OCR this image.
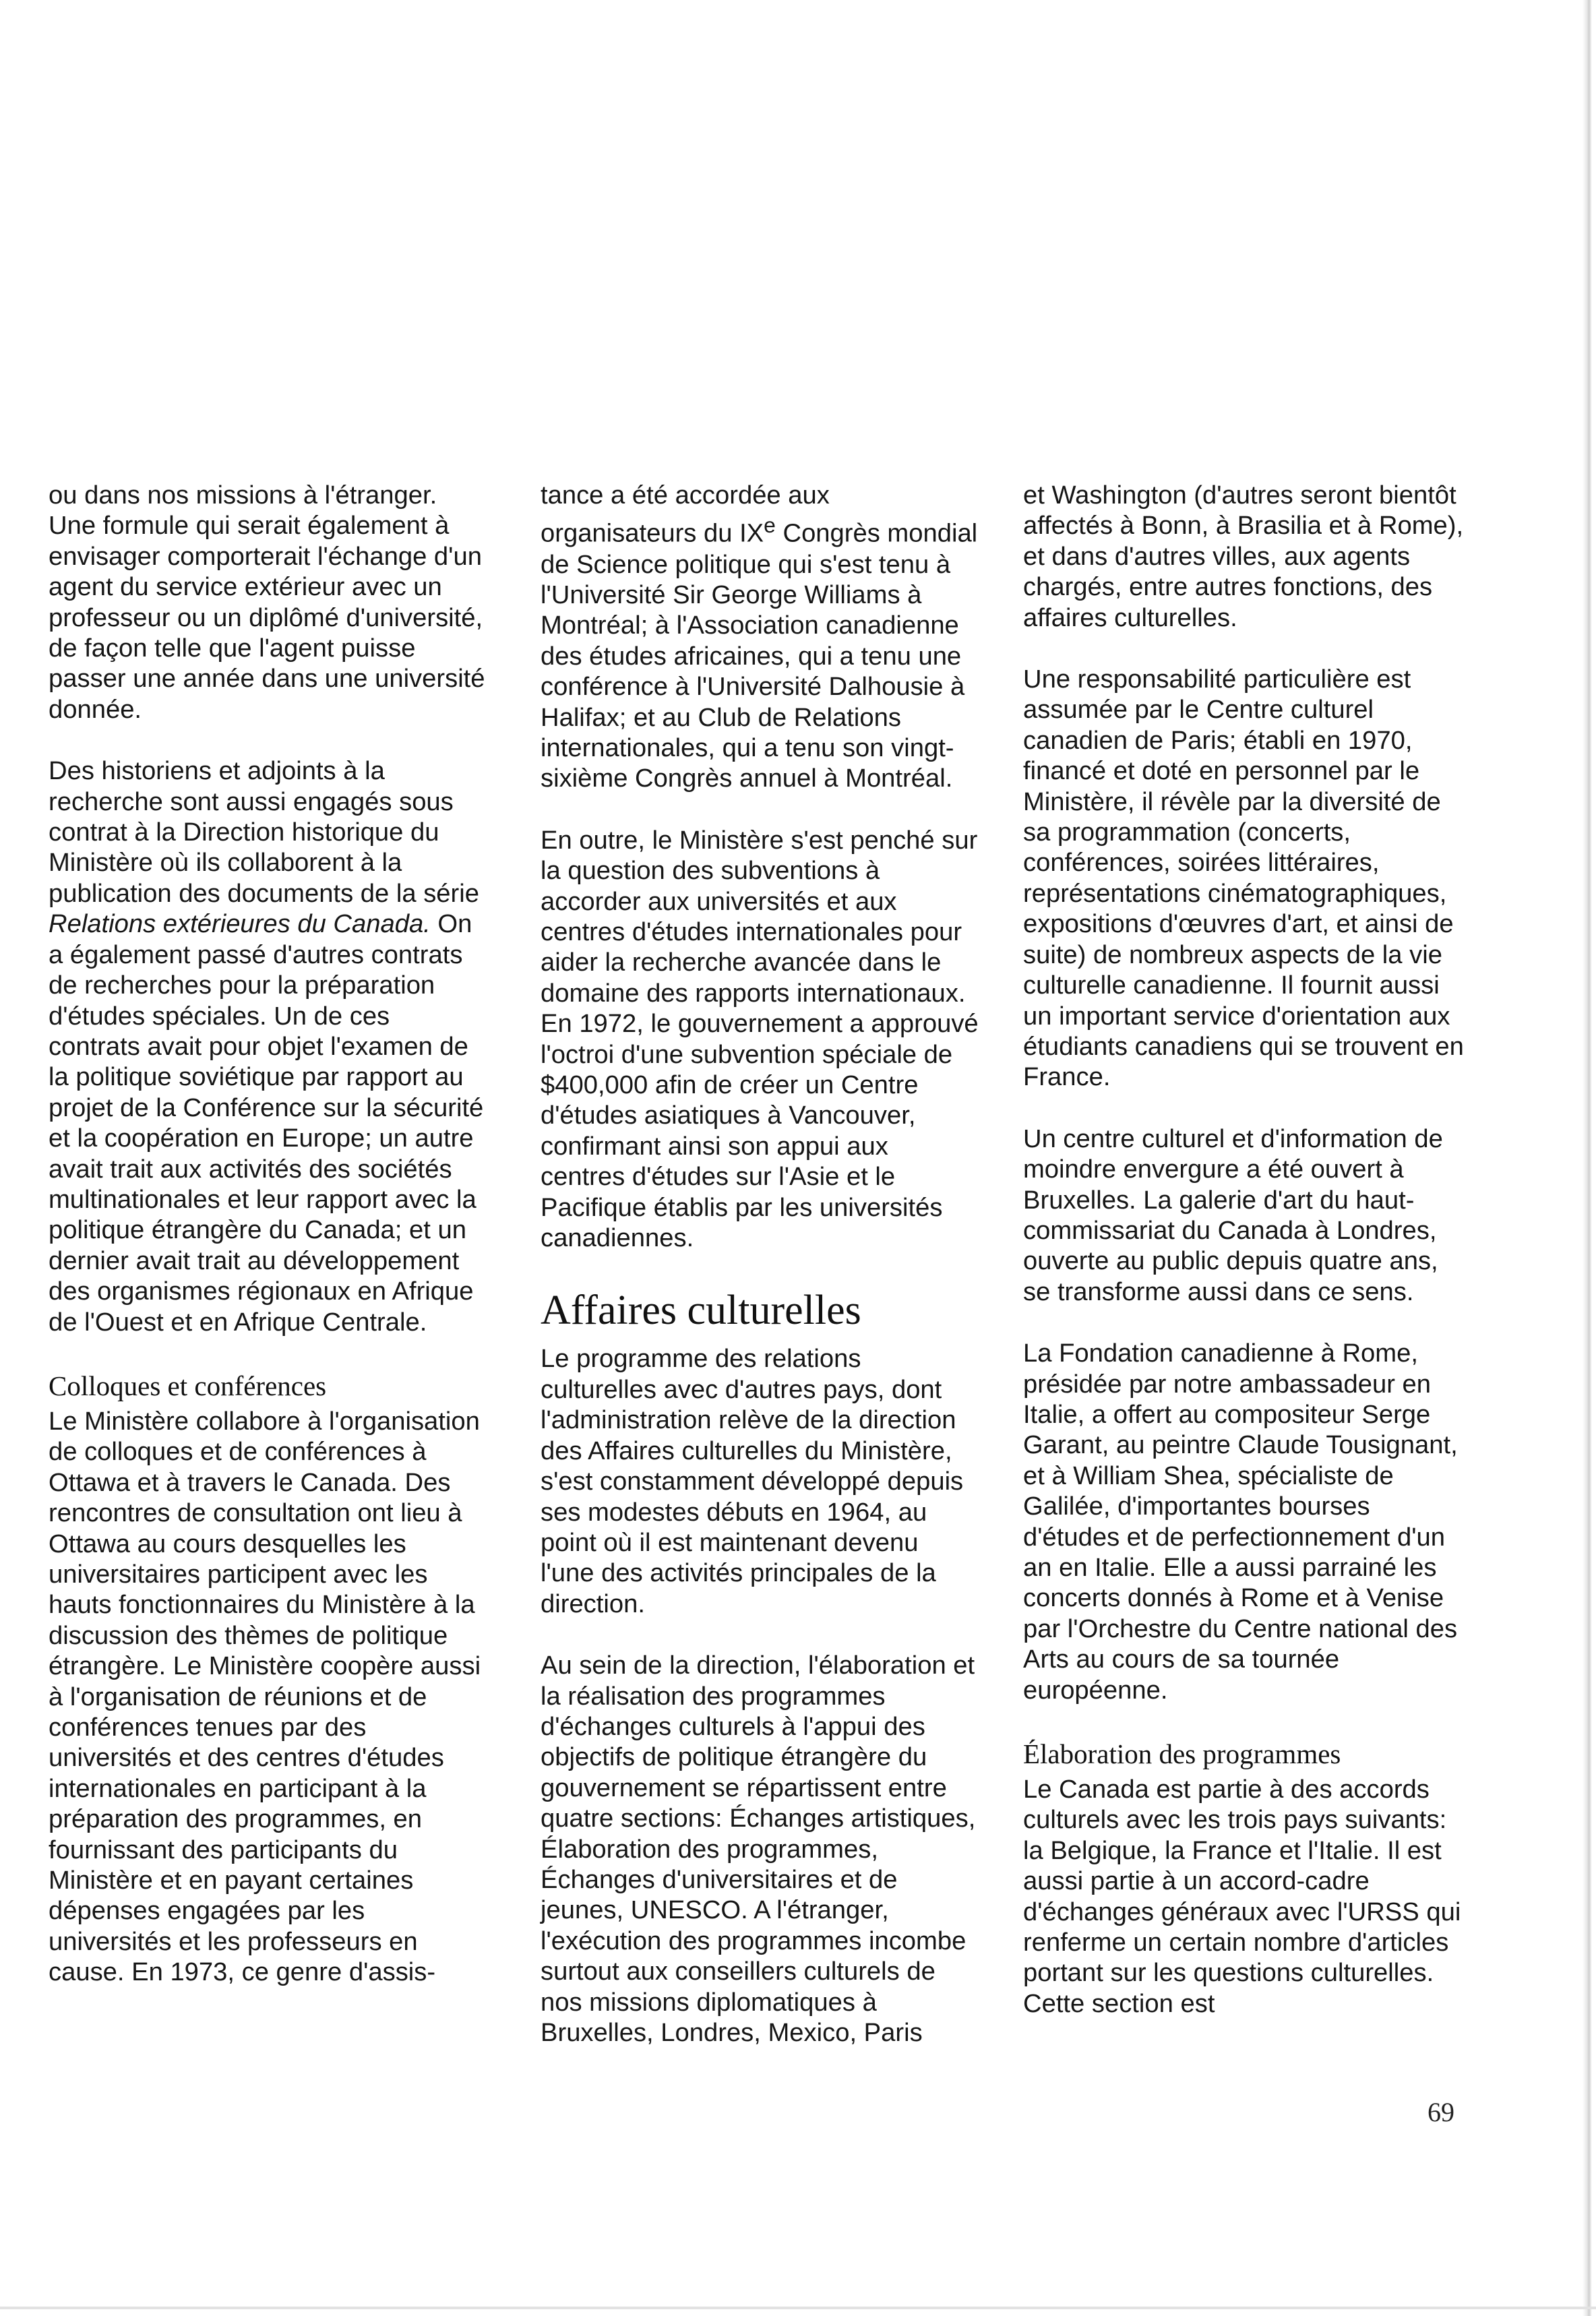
ou dans nos missions à l'étranger. Une formule qui serait également à envisager comporterait l'échange d'un agent du service extérieur avec un professeur ou un diplômé d'université, de façon telle que l'agent puisse passer une année dans une université donnée.

Des historiens et adjoints à la recherche sont aussi engagés sous contrat à la Direction historique du Ministère où ils collaborent à la publication des documents de la série Relations extérieures du Canada. On a également passé d'autres contrats de recherches pour la préparation d'études spéciales. Un de ces contrats avait pour objet l'examen de la politique soviétique par rapport au projet de la Conférence sur la sécurité et la coopération en Europe; un autre avait trait aux activités des sociétés multinationales et leur rapport avec la politique étrangère du Canada; et un dernier avait trait au développement des organismes régionaux en Afrique de l'Ouest et en Afrique Centrale.

Colloques et conférences

Le Ministère collabore à l'organisation de colloques et de conférences à Ottawa et à travers le Canada. Des rencontres de consultation ont lieu à Ottawa au cours desquelles les universitaires participent avec les hauts fonctionnaires du Ministère à la discussion des thèmes de politique étrangère. Le Ministère coopère aussi à l'organisation de réunions et de conférences tenues par des universités et des centres d'études internationales en participant à la préparation des programmes, en fournissant des participants du Ministère et en payant certaines dépenses engagées par les universités et les professeurs en cause. En 1973, ce genre d'assis-

tance a été accordée aux organisateurs du IXe Congrès mondial de Science politique qui s'est tenu à l'Université Sir George Williams à Montréal; à l'Association canadienne des études africaines, qui a tenu une conférence à l'Université Dalhousie à Halifax; et au Club de Relations internationales, qui a tenu son vingt-sixième Congrès annuel à Montréal.

En outre, le Ministère s'est penché sur la question des subventions à accorder aux universités et aux centres d'études internationales pour aider la recherche avancée dans le domaine des rapports internationaux. En 1972, le gouvernement a approuvé l'octroi d'une subvention spéciale de $400,000 afin de créer un Centre d'études asiatiques à Vancouver, confirmant ainsi son appui aux centres d'études sur l'Asie et le Pacifique établis par les universités canadiennes.

Affaires culturelles

Le programme des relations culturelles avec d'autres pays, dont l'administration relève de la direction des Affaires culturelles du Ministère, s'est constamment développé depuis ses modestes débuts en 1964, au point où il est maintenant devenu l'une des activités principales de la direction.

Au sein de la direction, l'élaboration et la réalisation des programmes d'échanges culturels à l'appui des objectifs de politique étrangère du gouvernement se répartissent entre quatre sections: Échanges artistiques, Élaboration des programmes, Échanges d'universitaires et de jeunes, UNESCO. A l'étranger, l'exécution des programmes incombe surtout aux conseillers culturels de nos missions diplomatiques à Bruxelles, Londres, Mexico, Paris

et Washington (d'autres seront bientôt affectés à Bonn, à Brasilia et à Rome), et dans d'autres villes, aux agents chargés, entre autres fonctions, des affaires culturelles.

Une responsabilité particulière est assumée par le Centre culturel canadien de Paris; établi en 1970, financé et doté en personnel par le Ministère, il révèle par la diversité de sa programmation (concerts, conférences, soirées littéraires, représentations cinématographiques, expositions d'œuvres d'art, et ainsi de suite) de nombreux aspects de la vie culturelle canadienne. Il fournit aussi un important service d'orientation aux étudiants canadiens qui se trouvent en France.

Un centre culturel et d'information de moindre envergure a été ouvert à Bruxelles. La galerie d'art du haut-commissariat du Canada à Londres, ouverte au public depuis quatre ans, se transforme aussi dans ce sens.

La Fondation canadienne à Rome, présidée par notre ambassadeur en Italie, a offert au compositeur Serge Garant, au peintre Claude Tousignant, et à William Shea, spécialiste de Galilée, d'importantes bourses d'études et de perfectionnement d'un an en Italie. Elle a aussi parrainé les concerts donnés à Rome et à Venise par l'Orchestre du Centre national des Arts au cours de sa tournée européenne.

Élaboration des programmes

Le Canada est partie à des accords culturels avec les trois pays suivants: la Belgique, la France et l'Italie. Il est aussi partie à un accord-cadre d'échanges généraux avec l'URSS qui renferme un certain nombre d'articles portant sur les questions culturelles. Cette section est

69
